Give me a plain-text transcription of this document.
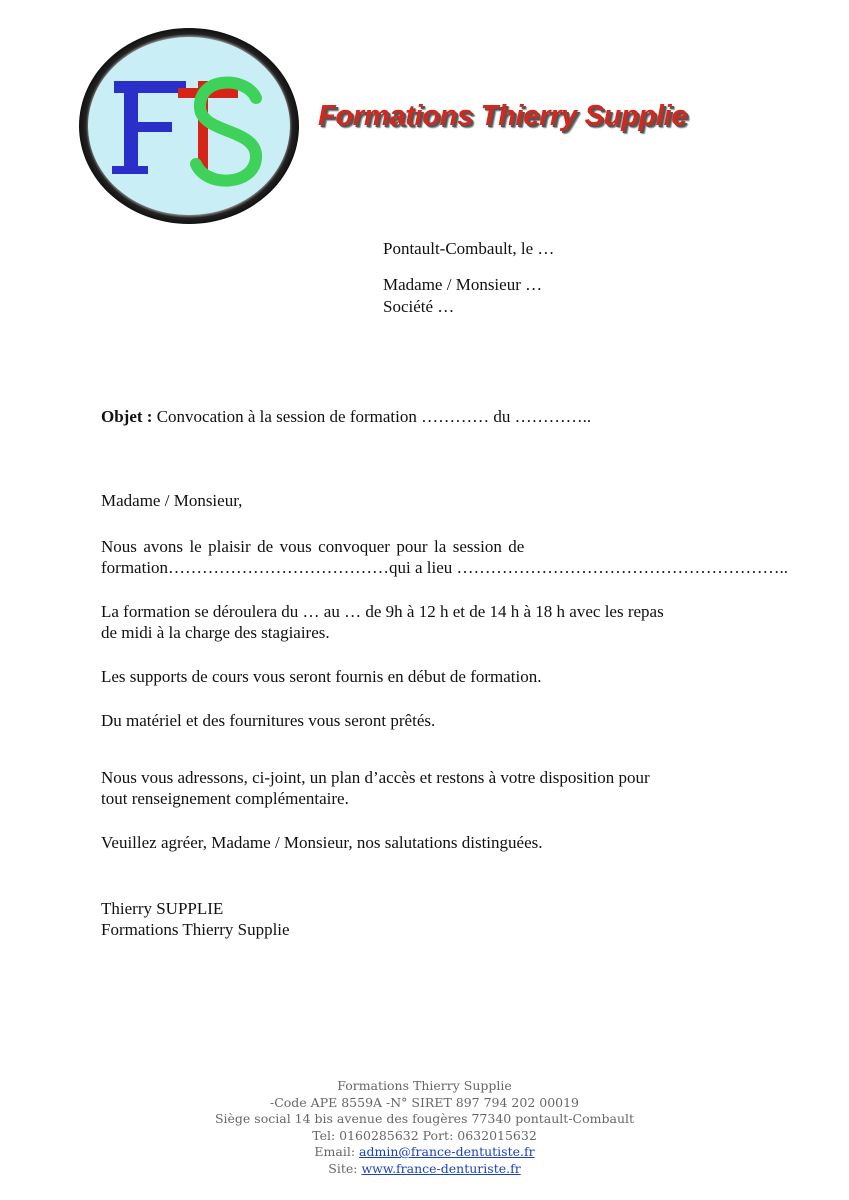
Formations Thierry Supplie
Pontault-Combault, le …
Madame / Monsieur …
Société …
Objet : Convocation à la session de formation ………… du …………..
Madame / Monsieur,
Nous avons le plaisir de vous convoquer pour la session de
formation…………………………………qui a lieu …………………………………………………..
La formation se déroulera du … au … de 9h à 12 h et de 14 h à 18 h avec les repas
de midi à la charge des stagiaires.
Les supports de cours vous seront fournis en début de formation.
Du matériel et des fournitures vous seront prêtés.
Nous vous adressons, ci-joint, un plan d’accès et restons à votre disposition pour
tout renseignement complémentaire.
Veuillez agréer, Madame / Monsieur, nos salutations distinguées.
Thierry SUPPLIE
Formations Thierry Supplie
Formations Thierry Supplie
-Code APE 8559A -N° SIRET 897 794 202 00019
Siège social 14 bis avenue des fougères 77340 pontault-Combault
Tel: 0160285632 Port: 0632015632
Email: admin@france-dentutiste.fr
Site: www.france-denturiste.fr
